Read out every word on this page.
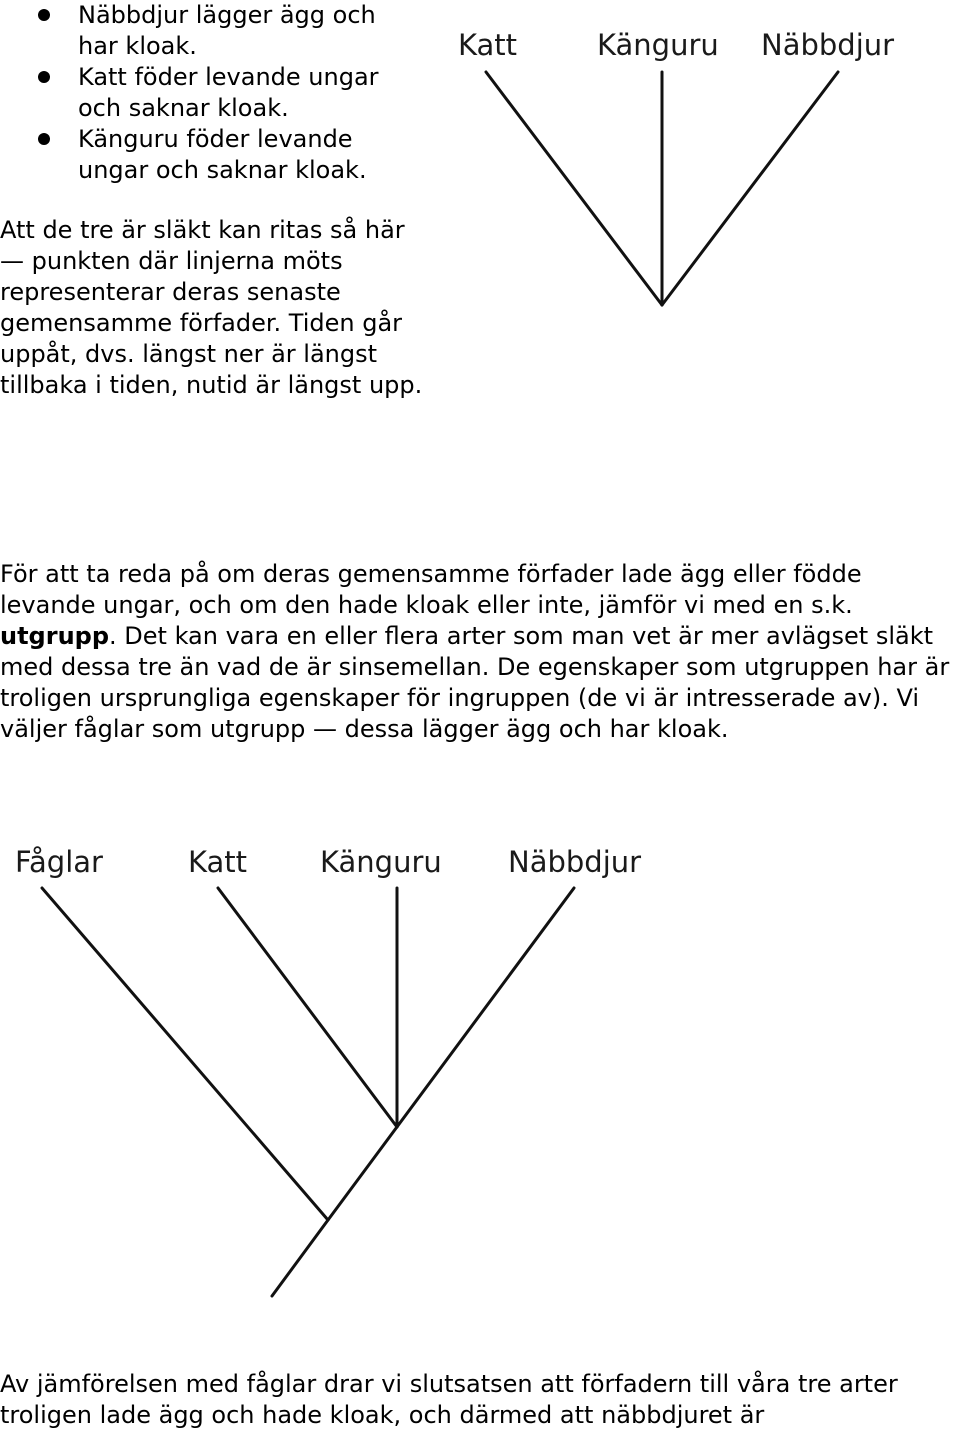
Näbbdjur lägger ägg och har kloak.
Katt föder levande ungar och saknar kloak.
Känguru föder levande ungar och saknar kloak.

Att de tre är släkt kan ritas så här — punkten där linjerna möts representerar deras senaste gemensamme förfader. Tiden går uppåt, dvs. längst ner är längst tillbaka i tiden, nutid är längst upp.

Katt	Känguru Näbbdjur
Fåglar	Katt	Känguru Näbbdjur

För att ta reda på om deras gemensamme förfader lade ägg eller födde levande ungar, och om den hade kloak eller inte, jämför vi med en s.k. utgrupp. Det kan vara en eller flera arter som man vet är mer avlägset släkt med dessa tre än vad de är sinsemellan. De egenskaper som utgruppen har är troligen ursprungliga egenskaper för ingruppen (de vi är intresserade av). Vi väljer fåglar som utgrupp — dessa lägger ägg och har kloak.

Av jämförelsen med fåglar drar vi slutsatsen att förfadern till våra tre arter troligen lade ägg och hade kloak, och därmed att näbbdjuret är
